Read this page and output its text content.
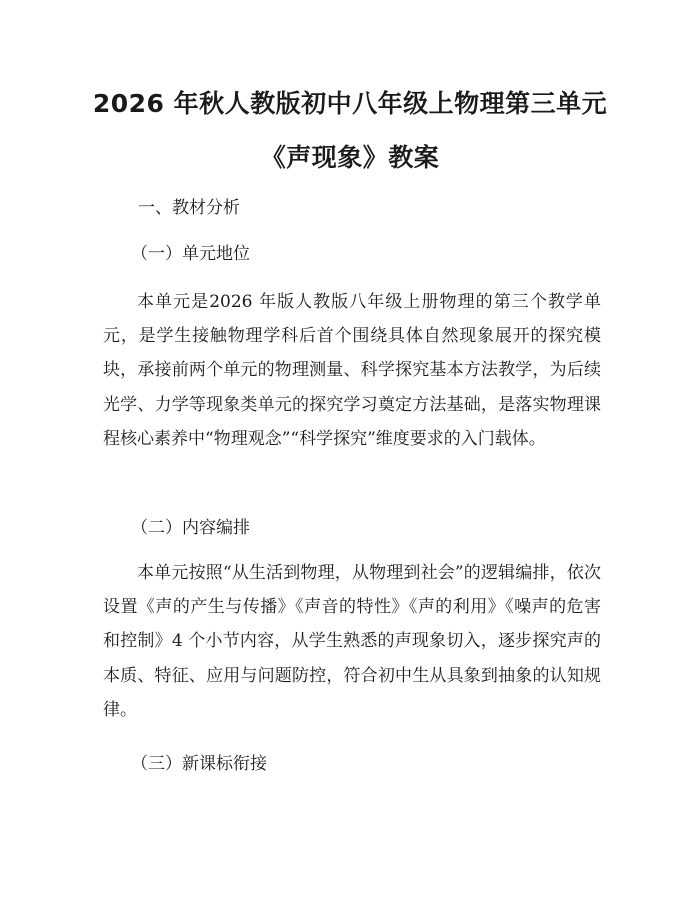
2026 年秋人教版初中八年级上物理第三单元
《声现象》教案
一、教材分析
（一）单元地位

本单元是2026 年版人教版八年级上册物理的第三个教学单元，是学生接触物理学科后首个围绕具体自然现象展开的探究模块，承接前两个单元的物理测量、科学探究基本方法教学，为后续光学、力学等现象类单元的探究学习奠定方法基础，是落实物理课程核心素养中“物理观念”“科学探究”维度要求的入门载体。

（二）内容编排

本单元按照“从生活到物理，从物理到社会”的逻辑编排，依次设置《声的产生与传播》《声音的特性》《声的利用》《噪声的危害和控制》4 个小节内容，从学生熟悉的声现象切入，逐步探究声的本质、特征、应用与问题防控，符合初中生从具象到抽象的认知规律。

（三）新课标衔接
